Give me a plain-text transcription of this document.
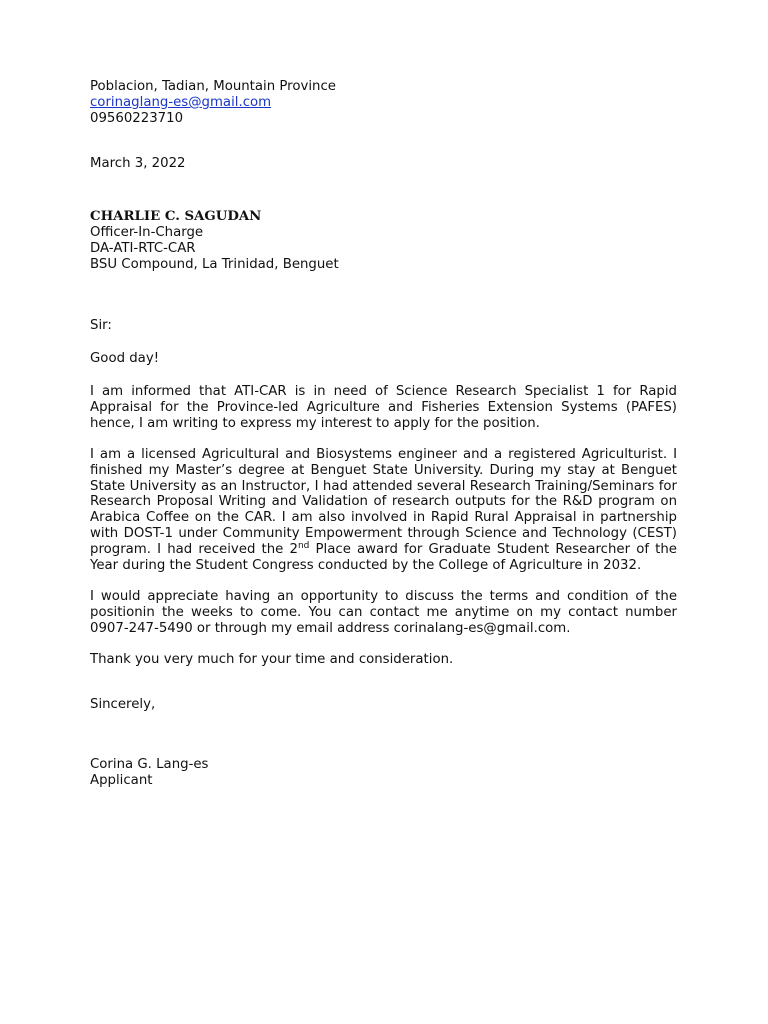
Poblacion, Tadian, Mountain Province
corinaglang-es@gmail.com
09560223710
March 3, 2022
CHARLIE C. SAGUDAN
Officer-In-Charge
DA-ATI-RTC-CAR
BSU Compound, La Trinidad, Benguet
Sir:
Good day!

I am informed that ATI-CAR is in need of Science Research Specialist 1 for Rapid Appraisal for the Province-led Agriculture and Fisheries Extension Systems (PAFES) hence, I am writing to express my interest to apply for the position.

I am a licensed Agricultural and Biosystems engineer and a registered Agriculturist. I finished my Master’s degree at Benguet State University. During my stay at Benguet State University as an Instructor, I had attended several Research Training/Seminars for Research Proposal Writing and Validation of research outputs for the R&D program on Arabica Coffee on the CAR. I am also involved in Rapid Rural Appraisal in partnership with DOST-1 under Community Empowerment through Science and Technology (CEST) program. I had received the 2nd Place award for Graduate Student Researcher of the Year during the Student Congress conducted by the College of Agriculture in 2032.

I would appreciate having an opportunity to discuss the terms and condition of the positionin the weeks to come. You can contact me anytime on my contact number 0907-247-5490 or through my email address corinalang-es@gmail.com.

Thank you very much for your time and consideration.

Sincerely,
Corina G. Lang-es
Applicant
